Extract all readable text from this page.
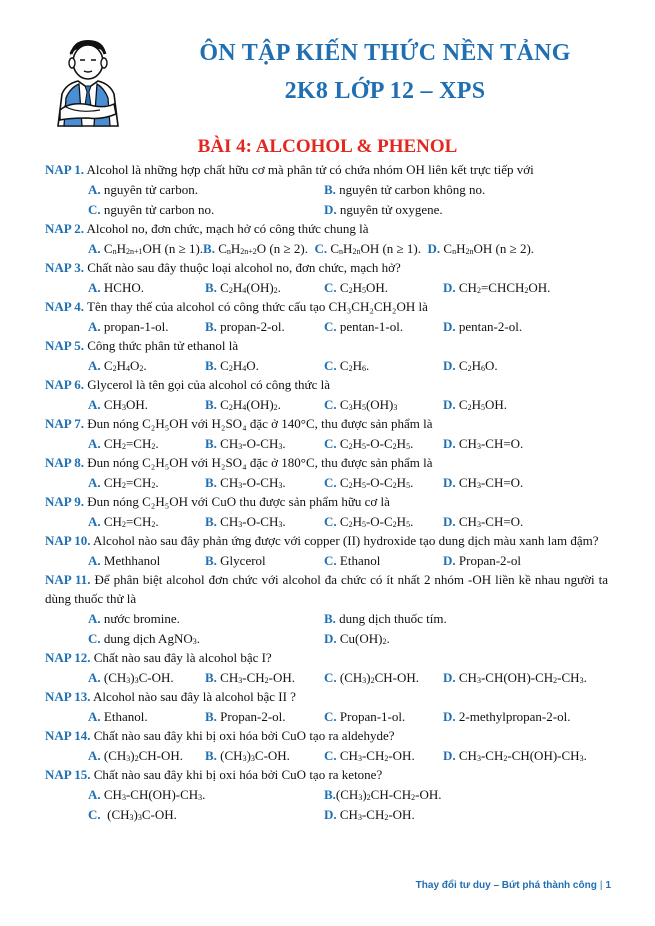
ÔN TẬP KIẾN THỨC NỀN TẢNG
2K8 LỚP 12 – XPS
BÀI 4: ALCOHOL & PHENOL

NAP 1. Alcohol là những hợp chất hữu cơ mà phân tử có chứa nhóm OH liên kết trực tiếp với

A. nguyên tử carbon.	B. nguyên tử carbon không no.
C. nguyên tử carbon no.	D. nguyên tử oxygene.

NAP 2. Alcohol no, đơn chức, mạch hở có công thức chung là

A. $C_nH_{2n+1}OH$ (n ≥ 1).B. $C_nH_{2n+2}O$ (n ≥ 2).  C. $C_nH_{2n}OH$ (n ≥ 1).  D. $C_nH_{2n}OH$ (n ≥ 2).

NAP 3. Chất nào sau đây thuộc loại alcohol no, đơn chức, mạch hở?

A. HCHO.	B. $C_2H_4(OH)_2$.	C. $C_2H_5OH$.	D. $CH_2=CHCH_2OH$.

NAP 4. Tên thay thế của alcohol có công thức cấu tạo CH₃CH₂CH₂OH là

A. propan-1-ol.	B. propan-2-ol.	C. pentan-1-ol.	D. pentan-2-ol.

NAP 5. Công thức phân tử ethanol là

A. $C_2H_4O_2$.	B. $C_2H_4O$.	C. $C_2H_6$.	D. $C_2H_6O$.

NAP 6. Glycerol là tên gọi của alcohol có công thức là

A. $CH_3OH$.	B. $C_2H_4(OH)_2$.	C. $C_3H_5(OH)_3$	D. $C_2H_5OH$.

NAP 7. Đun nóng C₂H₅OH với H₂SO₄ đặc ở 140°C, thu được sản phẩm là

A. $CH_2=CH_2$.	B. $CH_3-O-CH_3$.	C. $C_2H_5-O-C_2H_5$. D. $CH_3-CH=O$.

NAP 8. Đun nóng C₂H₅OH với H₂SO₄ đặc ở 180°C, thu được sản phẩm là

A. $CH_2=CH_2$.	B. $CH_3-O-CH_3$.	C. $C_2H_5-O-C_2H_5$. D. $CH_3-CH=O$.

NAP 9. Đun nóng C₂H₅OH với CuO thu được sản phẩm hữu cơ là

A. $CH_2=CH_2$.	B. $CH_3-O-CH_3$.	C. $C_2H_5-O-C_2H_5$. D. $CH_3-CH=O$.

NAP 10. Alcohol nào sau đây phản ứng được với copper (II) hydroxide tạo dung dịch màu xanh lam đậm?

A. Methhanol	B. Glycerol	C. Ethanol	D. Propan-2-ol

NAP 11. Để phân biệt alcohol đơn chức với alcohol đa chức có ít nhất 2 nhóm -OH liền kề nhau người ta dùng thuốc thử là

A. nước bromine.	B. dung dịch thuốc tím.
C. dung dịch AgNO$_3$.	D. $Cu(OH)_2$.

NAP 12. Chất nào sau đây là alcohol bậc I?

A. $(CH_3)_3C-OH$. B. $CH_3-CH_2-OH$. C. $(CH_3)_2CH-OH$. D. $CH_3-CH(OH)-CH_2-CH_3$.

NAP 13. Alcohol nào sau đây là alcohol bậc II ?

A. Ethanol.	B. Propan-2-ol.	C. Propan-1-ol.	D. 2-methylpropan-2-ol.

NAP 14. Chất nào sau đây khi bị oxi hóa bởi CuO tạo ra aldehyde?

A. $(CH_3)_2CH-OH$. B. $(CH_3)_3C-OH$.	C. $CH_3-CH_2-OH$. D. $CH_3-CH_2-CH(OH)-CH_3$.

NAP 15. Chất nào sau đây khi bị oxi hóa bởi CuO tạo ra ketone?

A. $CH_3-CH(OH)-CH_3$.	$B.(CH_3)_2CH-CH_2-OH$.
C.  $(CH_3)_3C-OH$.	D. $CH_3-CH_2-OH$.
Thay đổi tư duy – Bứt phá thành công | 1
